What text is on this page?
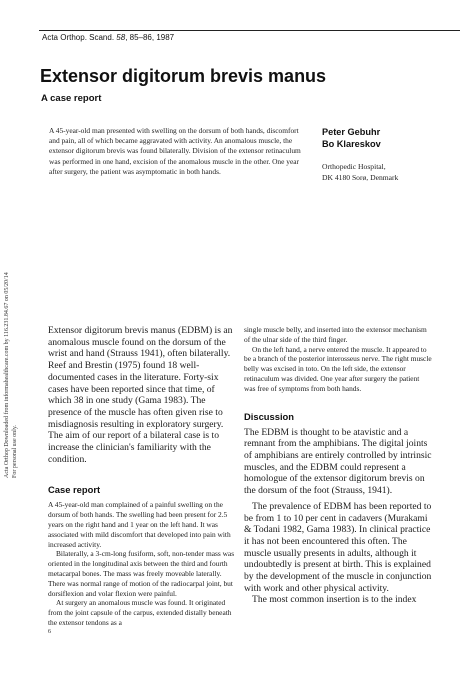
Acta Orthop Downloaded from informahealthcare.com by 116.231.84.67 on 05/20/14 For personal use only.
Acta Orthop. Scand. 58, 85–86, 1987
Extensor digitorum brevis manus
A case report

A 45-year-old man presented with swelling on the dorsum of both hands, discomfort and pain, all of which became aggravated with activity. An anomalous muscle, the extensor digitorum brevis was found bilaterally. Division of the extensor retinaculum was performed in one hand, excision of the anomalous muscle in the other. One year after surgery, the patient was asymptomatic in both hands.

Peter Gebuhr

Bo Klareskov

Orthopedic Hospital,
DK 4180 Sorø, Denmark

Extensor digitorum brevis manus (EDBM) is an anomalous muscle found on the dorsum of the wrist and hand (Strauss 1941), often bilaterally. Reef and Brestin (1975) found 18 well-documented cases in the literature. Forty-six cases have been reported since that time, of which 38 in one study (Gama 1983). The presence of the muscle has often given rise to misdiagnosis resulting in exploratory surgery. The aim of our report of a bilateral case is to increase the clinician's familiarity with the condition.

Case report

A 45-year-old man complained of a painful swelling on the dorsum of both hands. The swelling had been present for 2.5 years on the right hand and 1 year on the left hand. It was associated with mild discomfort that developed into pain with increased activity.

Bilaterally, a 3-cm-long fusiform, soft, non-tender mass was oriented in the longitudinal axis between the third and fourth metacarpal bones. The mass was freely moveable laterally. There was normal range of motion of the radiocarpal joint, but dorsiflexion and volar flexion were painful.

At surgery an anomalous muscle was found. It originated from the joint capsule of the carpus, extended distally beneath the extensor tendons as a

6

single muscle belly, and inserted into the extensor mechanism of the ulnar side of the third finger.

On the left hand, a nerve entered the muscle. It appeared to be a branch of the posterior interosseus nerve. The right muscle belly was excised in toto. On the left side, the extensor retinaculum was divided. One year after surgery the patient was free of symptoms from both hands.

Discussion

The EDBM is thought to be atavistic and a remnant from the amphibians. The digital joints of amphibians are entirely controlled by intrinsic muscles, and the EDBM could represent a homologue of the extensor digitorum brevis on the dorsum of the foot (Strauss, 1941).

The prevalence of EDBM has been reported to be from 1 to 10 per cent in cadavers (Murakami & Todani 1982, Gama 1983). In clinical practice it has not been encountered this often. The muscle usually presents in adults, although it undoubtedly is present at birth. This is explained by the development of the muscle in conjunction with work and other physical activity.

The most common insertion is to the index
